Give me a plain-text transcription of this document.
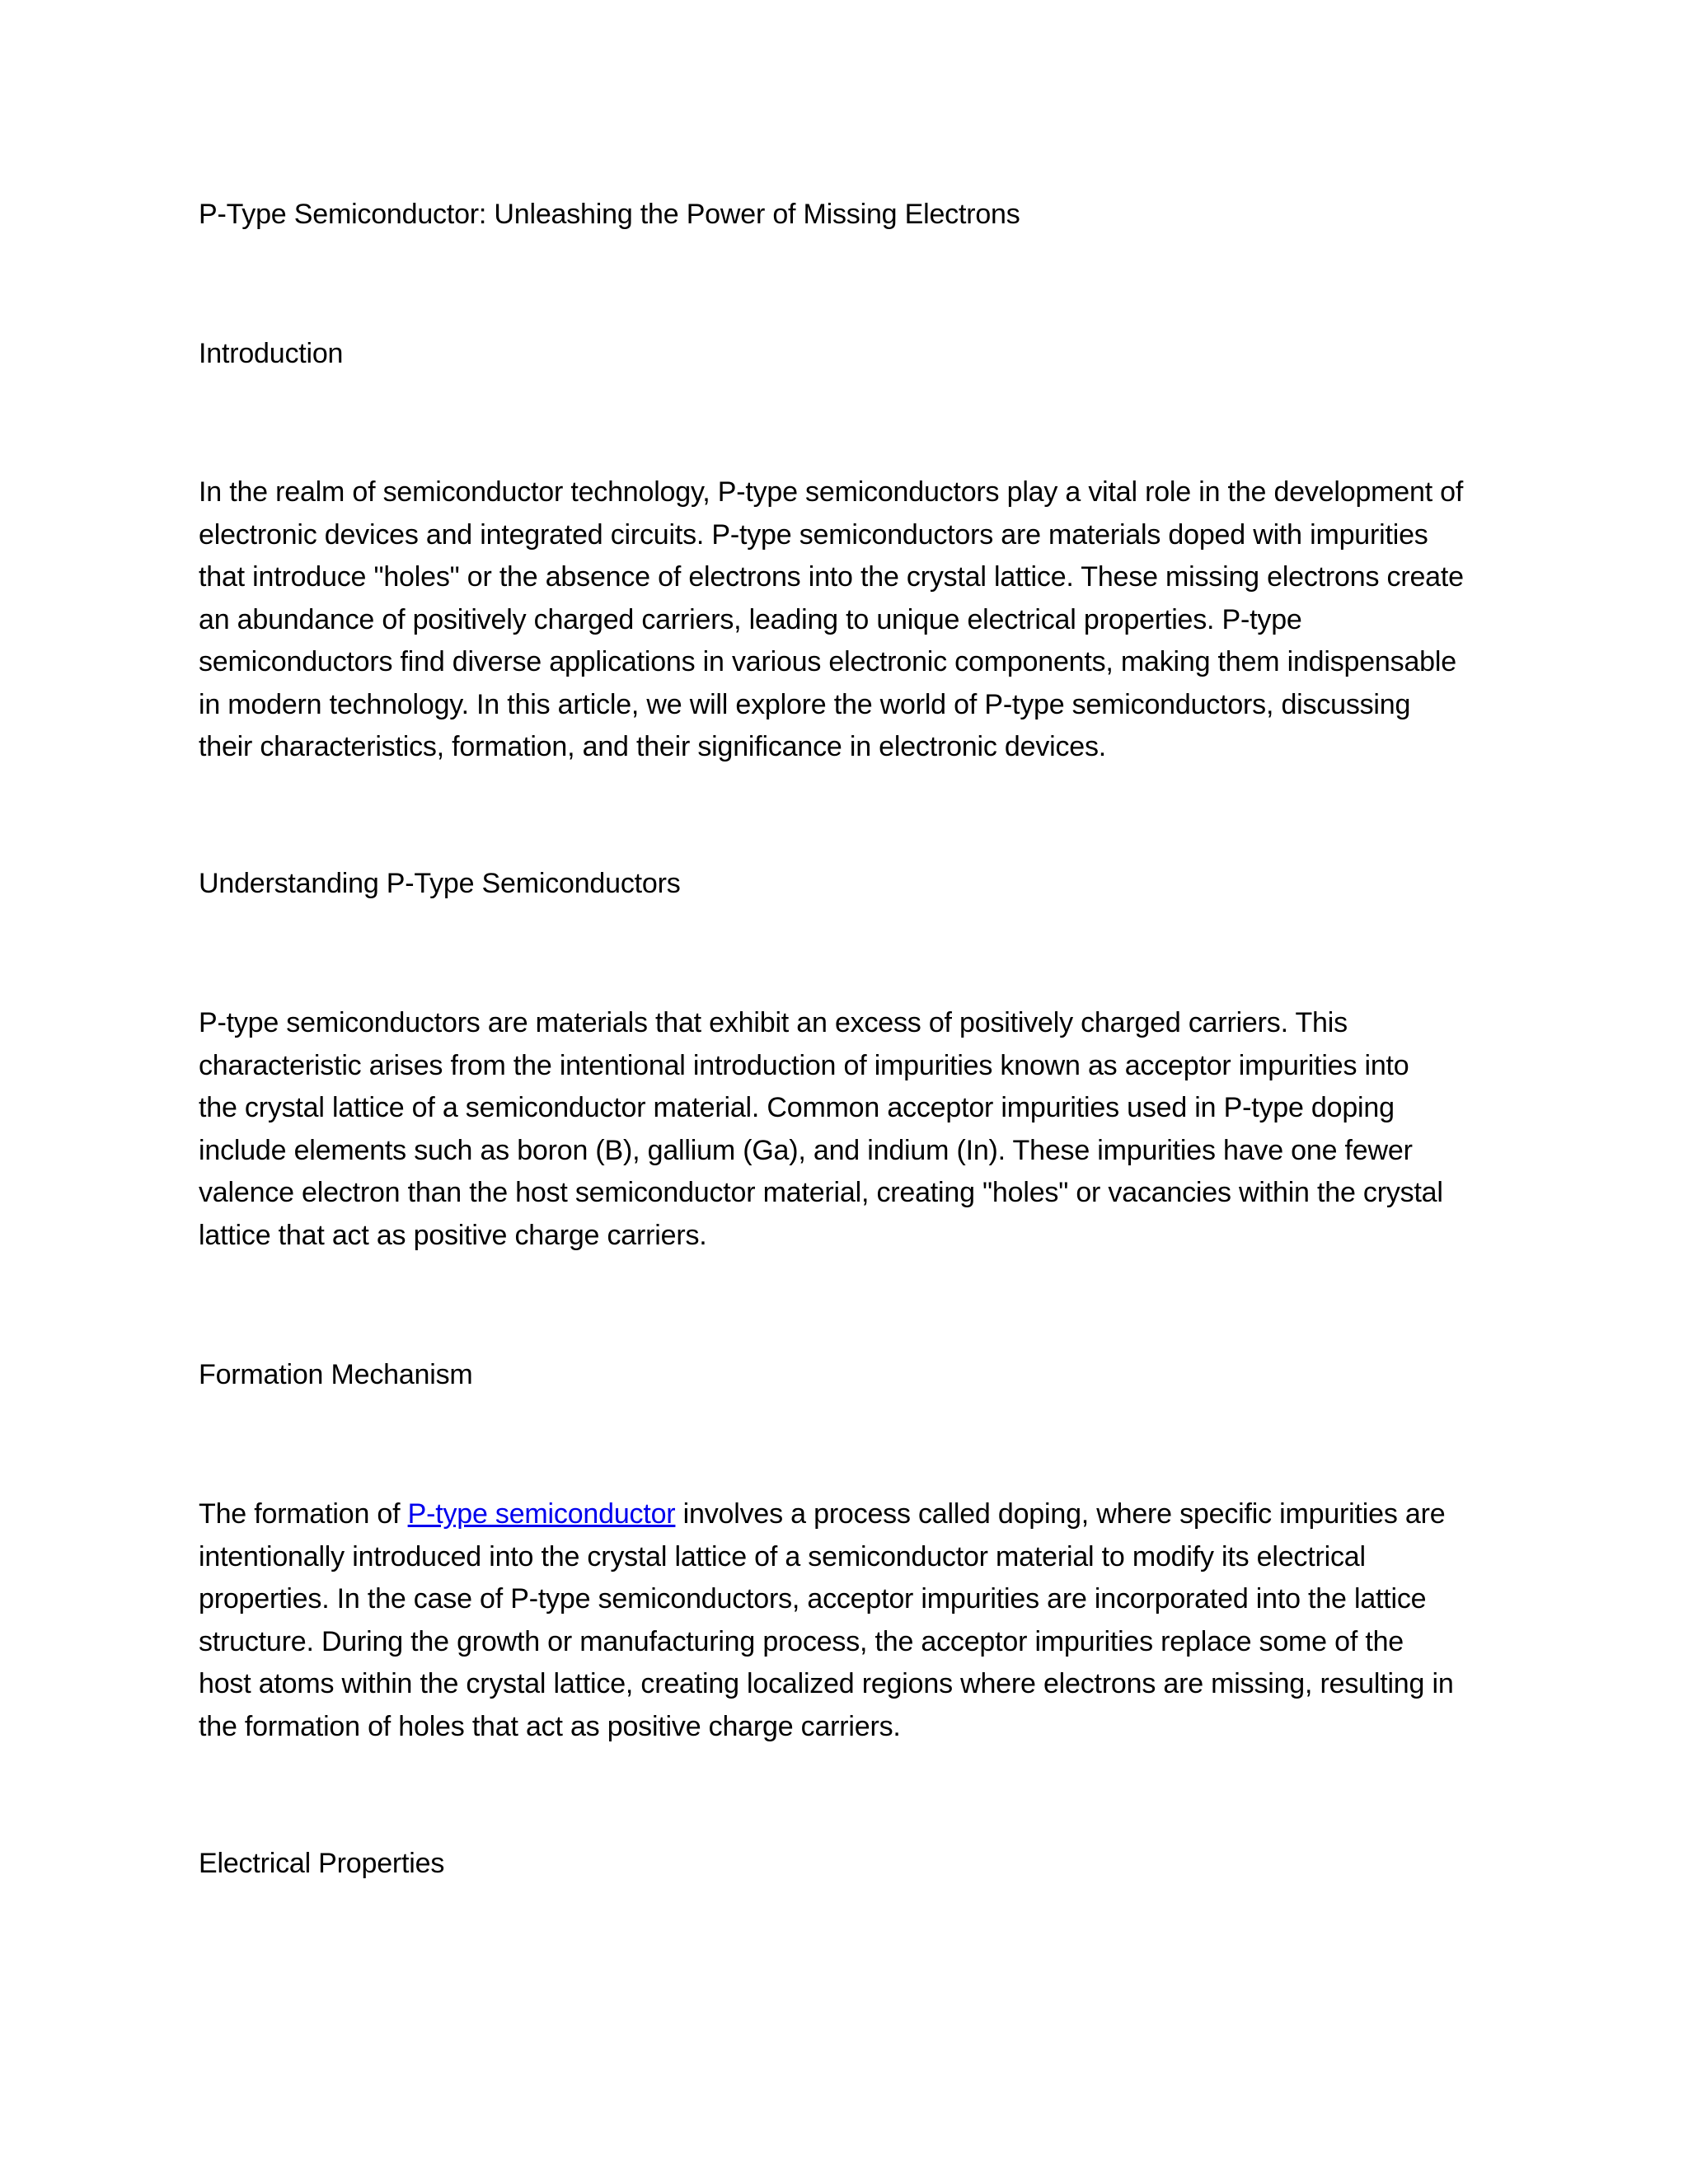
P-Type Semiconductor: Unleashing the Power of Missing Electrons
Introduction
In the realm of semiconductor technology, P-type semiconductors play a vital role in the development of
electronic devices and integrated circuits. P-type semiconductors are materials doped with impurities
that introduce "holes" or the absence of electrons into the crystal lattice. These missing electrons create
an abundance of positively charged carriers, leading to unique electrical properties. P-type
semiconductors find diverse applications in various electronic components, making them indispensable
in modern technology. In this article, we will explore the world of P-type semiconductors, discussing
their characteristics, formation, and their significance in electronic devices.
Understanding P-Type Semiconductors
P-type semiconductors are materials that exhibit an excess of positively charged carriers. This
characteristic arises from the intentional introduction of impurities known as acceptor impurities into
the crystal lattice of a semiconductor material. Common acceptor impurities used in P-type doping
include elements such as boron (B), gallium (Ga), and indium (In). These impurities have one fewer
valence electron than the host semiconductor material, creating "holes" or vacancies within the crystal
lattice that act as positive charge carriers.
Formation Mechanism
The formation of P-type semiconductor involves a process called doping, where specific impurities are
intentionally introduced into the crystal lattice of a semiconductor material to modify its electrical
properties. In the case of P-type semiconductors, acceptor impurities are incorporated into the lattice
structure. During the growth or manufacturing process, the acceptor impurities replace some of the
host atoms within the crystal lattice, creating localized regions where electrons are missing, resulting in
the formation of holes that act as positive charge carriers.
Electrical Properties
